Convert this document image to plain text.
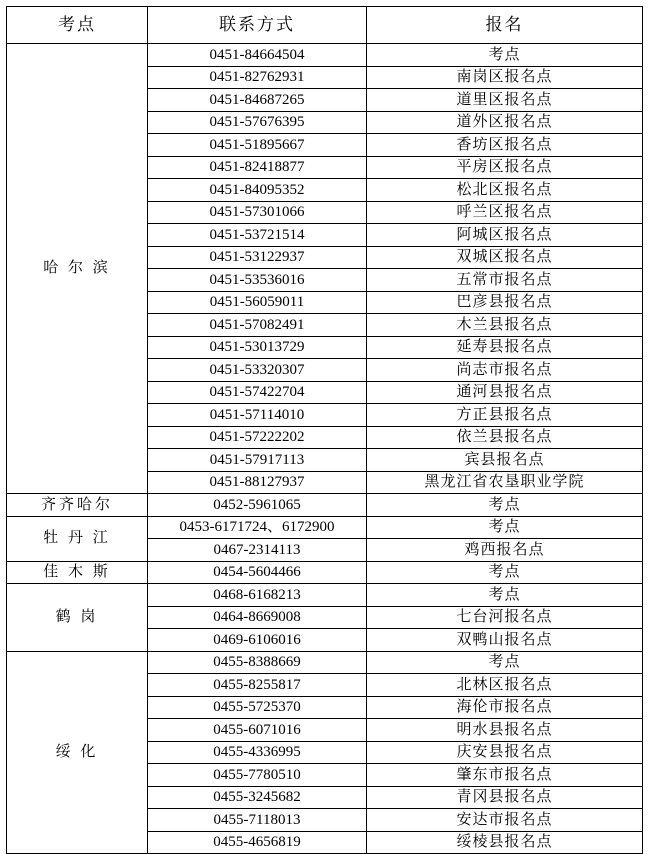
考点	联系方式	报名
哈 尔 滨	0451-84664504	考点
	0451-82762931	南岗区报名点
	0451-84687265	道里区报名点
	0451-57676395	道外区报名点
	0451-51895667	香坊区报名点
	0451-82418877	平房区报名点
	0451-84095352	松北区报名点
	0451-57301066	呼兰区报名点
	0451-53721514	阿城区报名点
	0451-53122937	双城区报名点
	0451-53536016	五常市报名点
	0451-56059011	巴彦县报名点
	0451-57082491	木兰县报名点
	0451-53013729	延寿县报名点
	0451-53320307	尚志市报名点
	0451-57422704	通河县报名点
	0451-57114010	方正县报名点
	0451-57222202	依兰县报名点
	0451-57917113	宾县报名点
	0451-88127937	黑龙江省农垦职业学院
齐齐哈尔	0452-5961065	考点
牡 丹 江	0453-6171724、6172900	考点
	0467-2314113	鸡西报名点
佳 木 斯	0454-5604466	考点
鹤 岗	0468-6168213	考点
	0464-8669008	七台河报名点
	0469-6106016	双鸭山报名点
绥 化	0455-8388669	考点
	0455-8255817	北林区报名点
	0455-5725370	海伦市报名点
	0455-6071016	明水县报名点
	0455-4336995	庆安县报名点
	0455-7780510	肇东市报名点
	0455-3245682	青冈县报名点
	0455-7118013	安达市报名点
	0455-4656819	绥棱县报名点
